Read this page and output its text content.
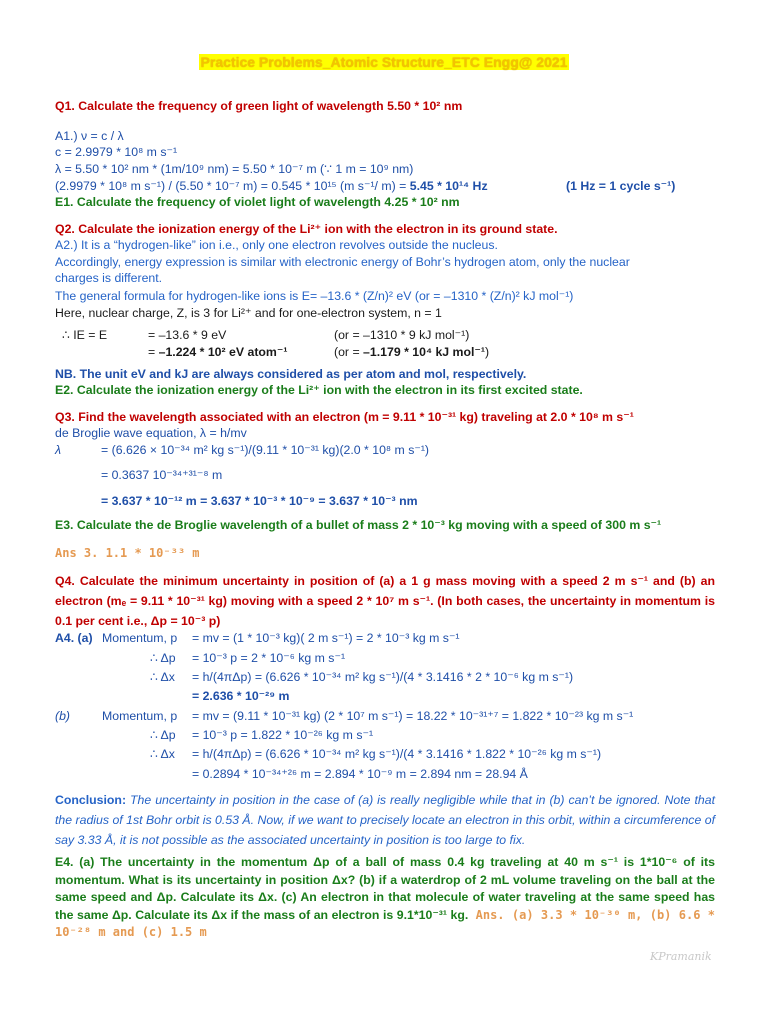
Practice Problems_Atomic Structure_ETC Engg@ 2021
Q1. Calculate the frequency of green light of wavelength 5.50 * 10² nm
A1.) ν = c / λ
c = 2.9979 * 10⁸ m s⁻¹
λ = 5.50 * 10² nm * (1m/10⁹ nm) = 5.50 * 10⁻⁷ m (∵ 1 m = 10⁹ nm)
(2.9979 * 10⁸ m s⁻¹) / (5.50 * 10⁻⁷ m) = 0.545 * 10¹⁵ (m s⁻¹/ m) = 5.45 * 10¹⁴ Hz	(1 Hz = 1 cycle s⁻¹)
E1. Calculate the frequency of violet light of wavelength 4.25 * 10² nm
Q2. Calculate the ionization energy of the Li²⁺ ion with the electron in its ground state.
A2.) It is a “hydrogen-like” ion i.e., only one electron revolves outside the nucleus.
Accordingly, energy expression is similar with electronic energy of Bohr’s hydrogen atom, only the nuclear
charges is different.
The general formula for hydrogen-like ions is E= –13.6 * (Z/n)² eV (or = –1310 * (Z/n)² kJ mol⁻¹)
Here, nuclear charge, Z, is 3 for Li²⁺ and for one-electron system, n = 1
∴ IE = E	= –13.6 * 9 eV	(or = –1310 * 9 kJ mol⁻¹)
= –1.224 * 10² eV atom⁻¹	(or = –1.179 * 10⁴ kJ mol⁻¹)
NB. The unit eV and kJ are always considered as per atom and mol, respectively.
E2. Calculate the ionization energy of the Li²⁺ ion with the electron in its first excited state.
Q3. Find the wavelength associated with an electron (m = 9.11 * 10⁻³¹ kg) traveling at 2.0 * 10⁸ m s⁻¹
de Broglie wave equation, λ = h/mv
λ	= (6.626 × 10⁻³⁴ m² kg s⁻¹)/(9.11 * 10⁻³¹ kg)(2.0 * 10⁸ m s⁻¹)
= 0.3637 10⁻³⁴⁺³¹⁻⁸ m
= 3.637 * 10⁻¹² m = 3.637 * 10⁻³ * 10⁻⁹ = 3.637 * 10⁻³ nm
E3. Calculate the de Broglie wavelength of a bullet of mass 2 * 10⁻³ kg moving with a speed of 300 m s⁻¹
Ans 3. 1.1 * 10⁻³³ m
Q4. Calculate the minimum uncertainty in position of (a) a 1 g mass moving with a speed 2 m s⁻¹ and (b) an electron (mₑ = 9.11 * 10⁻³¹ kg) moving with a speed 2 * 10⁷ m s⁻¹. (In both cases, the uncertainty in momentum is 0.1 per cent i.e., Δp = 10⁻³ p)
A4. (a) Momentum, p = mv = (1 * 10⁻³ kg)( 2 m s⁻¹) = 2 * 10⁻³ kg m s⁻¹
∴ Δp = 10⁻³ p = 2 * 10⁻⁶ kg m s⁻¹
∴ Δx = h/(4πΔp) = (6.626 * 10⁻³⁴ m² kg s⁻¹)/(4 * 3.1416 * 2 * 10⁻⁶ kg m s⁻¹)
= 2.636 * 10⁻²⁹ m
(b)	Momentum, p = mv = (9.11 * 10⁻³¹ kg) (2 * 10⁷ m s⁻¹) = 18.22 * 10⁻³¹⁺⁷ = 1.822 * 10⁻²³ kg m s⁻¹
∴ Δp = 10⁻³ p = 1.822 * 10⁻²⁶ kg m s⁻¹
∴ Δx = h/(4πΔp) = (6.626 * 10⁻³⁴ m² kg s⁻¹)/(4 * 3.1416 * 1.822 * 10⁻²⁶ kg m s⁻¹)
= 0.2894 * 10⁻³⁴⁺²⁶ m = 2.894 * 10⁻⁹ m = 2.894 nm = 28.94 Å
Conclusion: The uncertainty in position in the case of (a) is really negligible while that in (b) can’t be ignored. Note that the radius of 1st Bohr orbit is 0.53 Å. Now, if we want to precisely locate an electron in this orbit, within a circumference of say 3.33 Å, it is not possible as the associated uncertainty in position is too large to fix.
E4. (a) The uncertainty in the momentum Δp of a ball of mass 0.4 kg traveling at 40 m s⁻¹ is 1*10⁻⁶ of its momentum. What is its uncertainty in position Δx? (b) if a waterdrop of 2 mL volume traveling on the ball at the same speed and Δp. Calculate its Δx. (c) An electron in that molecule of water traveling at the same speed has the same Δp. Calculate its Δx if the mass of an electron is 9.1*10⁻³¹ kg. Ans. (a) 3.3 * 10⁻³⁰ m, (b) 6.6 * 10⁻²⁸ m and (c) 1.5 m
KPramanik
